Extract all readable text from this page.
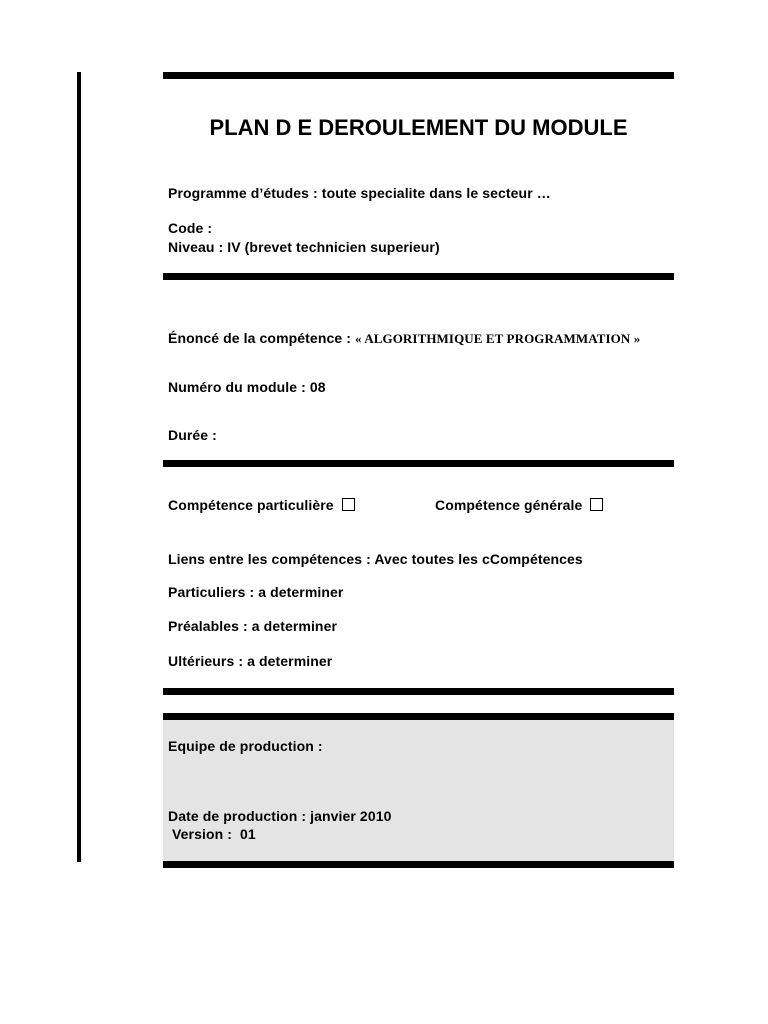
PLAN D E DEROULEMENT DU MODULE
Programme d’études : toute specialite dans le secteur …
Code :
Niveau : IV (brevet technicien superieur)
Énoncé de la compétence : « ALGORITHMIQUE ET PROGRAMMATION »
Numéro du module : 08
Durée :
Compétence particulière	Compétence générale
Liens entre les compétences : Avec toutes les cCompétences
Particuliers : a determiner
Préalables : a determiner
Ultérieurs : a determiner
Equipe de production :
Date de production : janvier 2010
Version :  01
